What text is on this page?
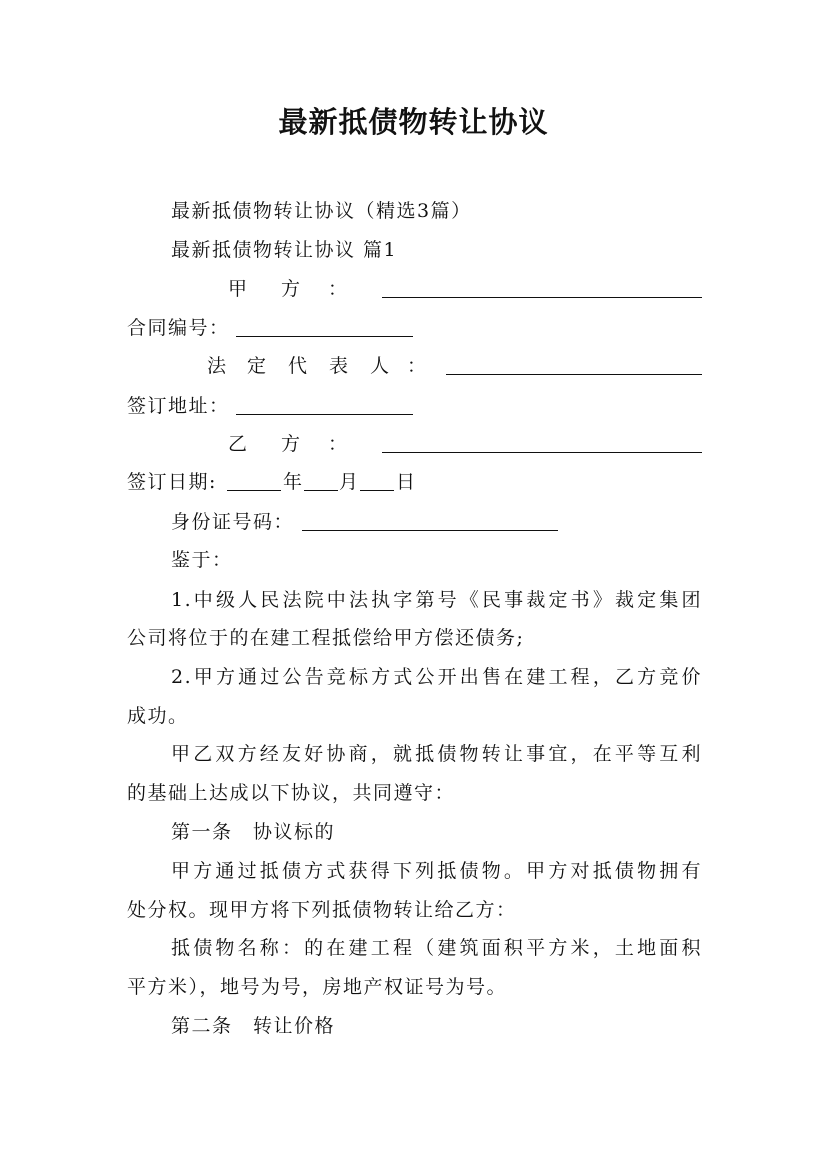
最新抵债物转让协议
最新抵债物转让协议（精选3篇）
最新抵债物转让协议 篇1
甲 方 ：
合同编号：
法 定 代 表 人 ：
签订地址：
乙 方 ：
签订日期:	年 月 日
身份证号码：
鉴于：
1.中级人民法院中法执字第号《民事裁定书》裁定集团
公司将位于的在建工程抵偿给甲方偿还债务;
2.甲方通过公告竞标方式公开出售在建工程，乙方竞价
成功。
甲乙双方经友好协商，就抵债物转让事宜，在平等互利
的基础上达成以下协议，共同遵守：
第一条　协议标的
甲方通过抵债方式获得下列抵债物。甲方对抵债物拥有
处分权。现甲方将下列抵债物转让给乙方：
抵债物名称：的在建工程（建筑面积平方米，土地面积
平方米），地号为号，房地产权证号为号。
第二条　转让价格
